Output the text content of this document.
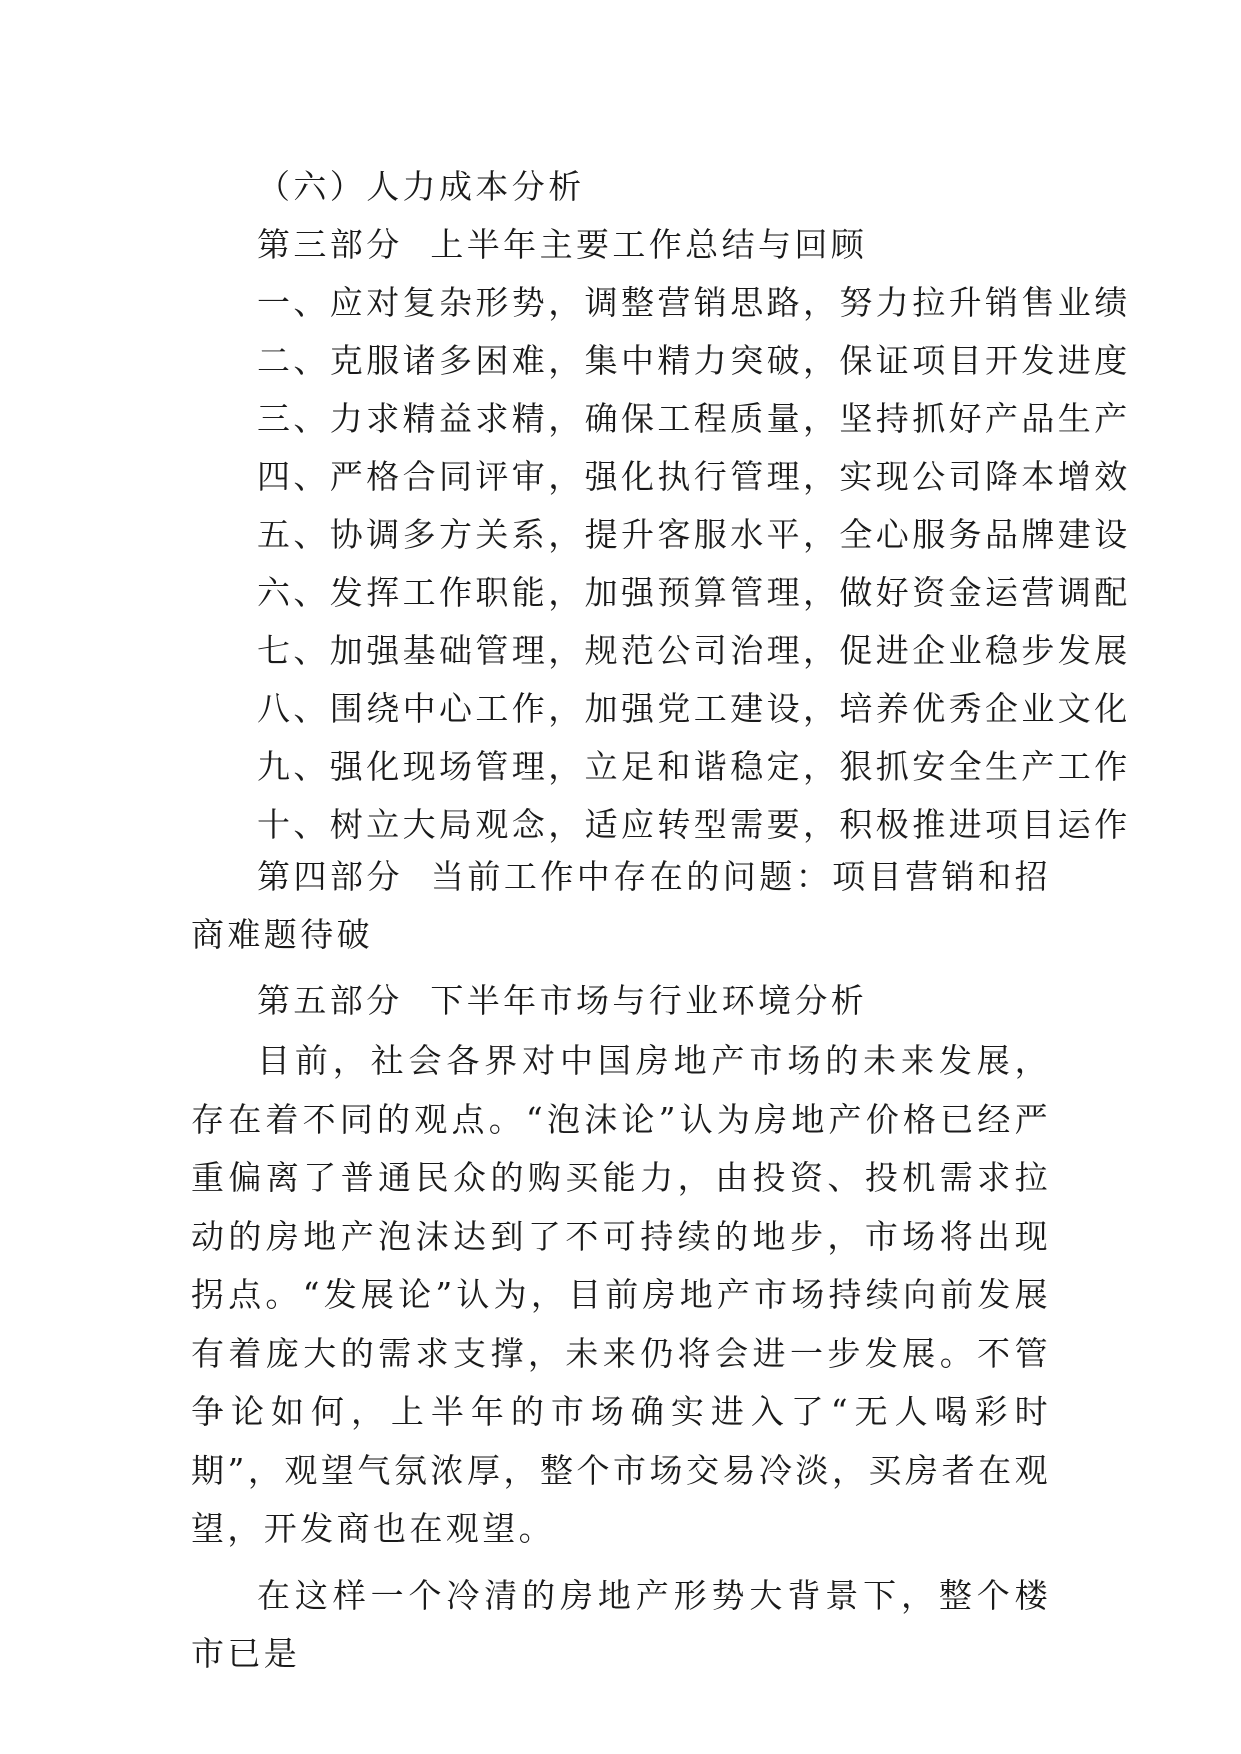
（六）人力成本分析
第三部分  上半年主要工作总结与回顾
一、应对复杂形势，调整营销思路，努力拉升销售业绩
二、克服诸多困难，集中精力突破，保证项目开发进度
三、力求精益求精，确保工程质量，坚持抓好产品生产
四、严格合同评审，强化执行管理，实现公司降本增效
五、协调多方关系，提升客服水平，全心服务品牌建设
六、发挥工作职能，加强预算管理，做好资金运营调配
七、加强基础管理，规范公司治理，促进企业稳步发展
八、围绕中心工作，加强党工建设，培养优秀企业文化
九、强化现场管理，立足和谐稳定，狠抓安全生产工作
十、树立大局观念，适应转型需要，积极推进项目运作

第四部分  当前工作中存在的问题：项目营销和招商难题待破

第五部分  下半年市场与行业环境分析

目前，社会各界对中国房地产市场的未来发展，存在着不同的观点。“泡沫论”认为房地产价格已经严重偏离了普通民众的购买能力，由投资、投机需求拉动的房地产泡沫达到了不可持续的地步，市场将出现拐点。“发展论”认为，目前房地产市场持续向前发展有着庞大的需求支撑，未来仍将会进一步发展。不管争论如何，上半年的市场确实进入了“无人喝彩时期”，观望气氛浓厚，整个市场交易冷淡，买房者在观望，开发商也在观望。

在这样一个冷清的房地产形势大背景下，整个楼市已是
